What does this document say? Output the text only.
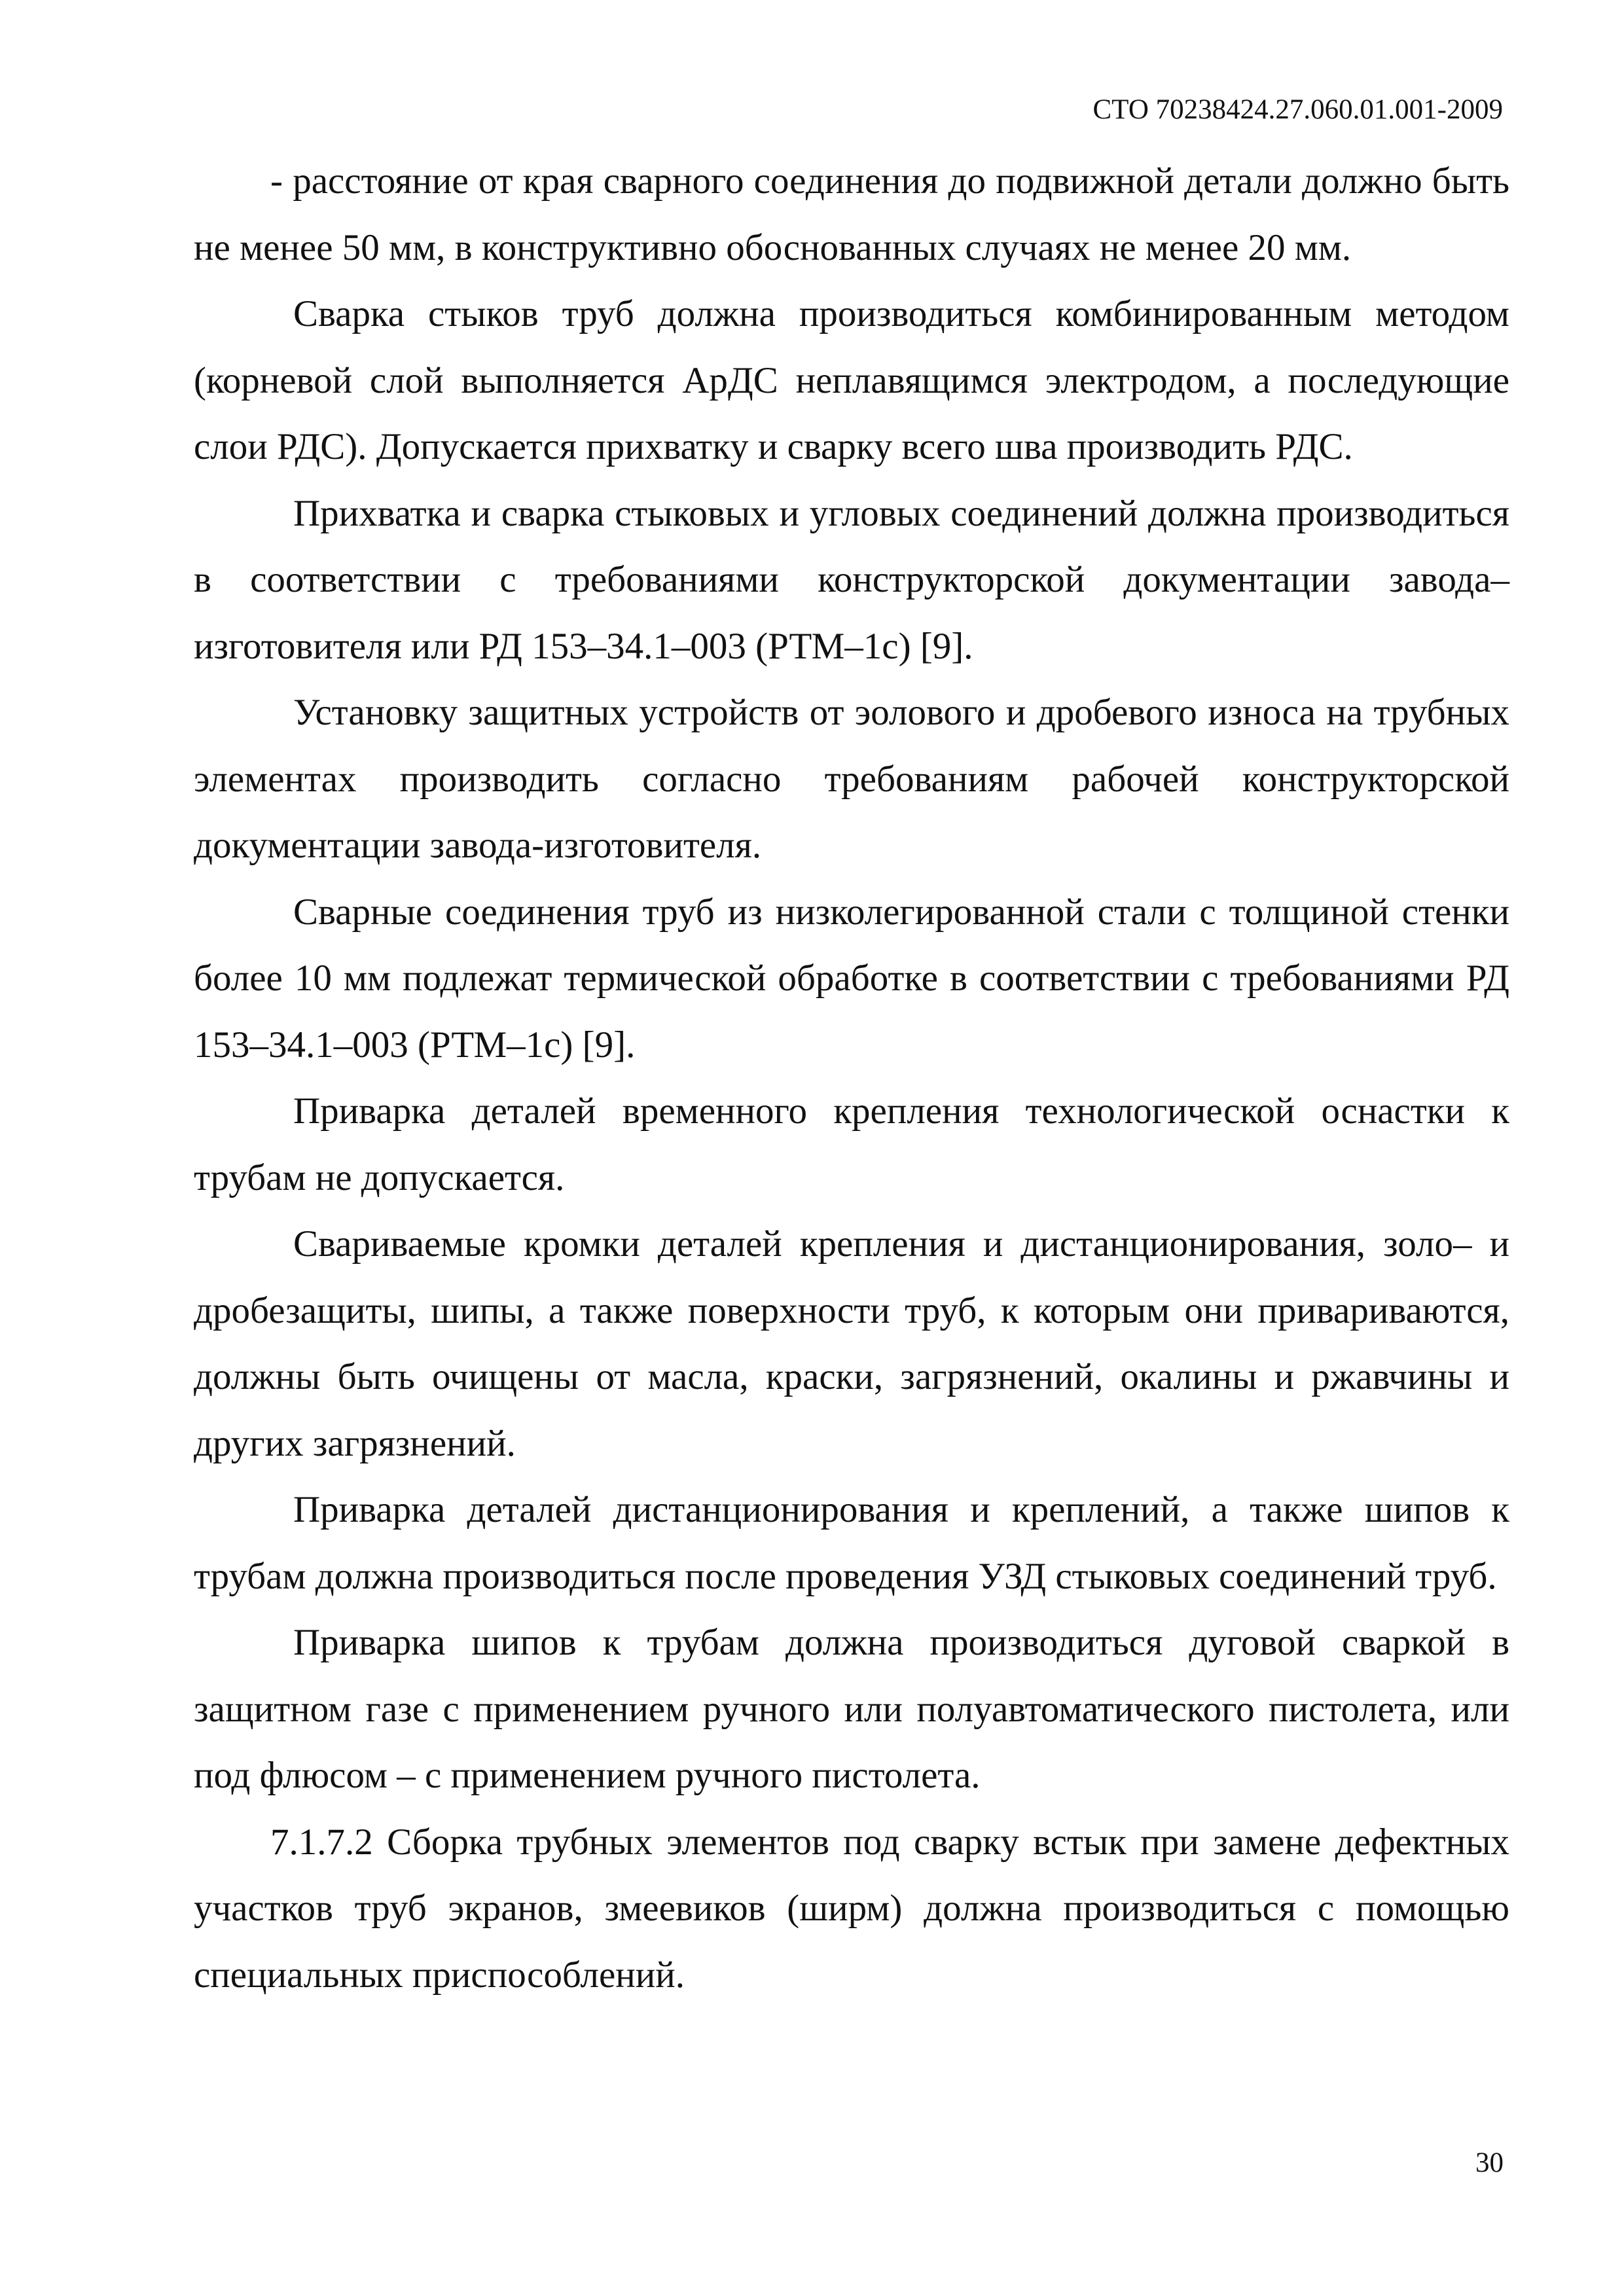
СТО 70238424.27.060.01.001-2009

- расстояние от края сварного соединения до подвижной детали должно быть не менее 50 мм, в конструктивно обоснованных случаях не менее 20 мм.

Сварка стыков труб должна производиться комбинированным методом (корневой слой выполняется АрДС неплавящимся электродом, а последующие слои РДС). Допускается прихватку и сварку всего шва производить РДС.

Прихватка и сварка стыковых и угловых соединений должна производиться в соответствии с требованиями конструкторской документации завода–изготовителя или РД 153–34.1–003 (РТМ–1с) [9].

Установку защитных устройств от эолового и дробевого износа на трубных элементах производить согласно требованиям рабочей конструкторской документации завода-изготовителя.

Сварные соединения труб из низколегированной стали с толщиной стенки более 10 мм подлежат термической обработке в соответствии с требованиями РД 153–34.1–003 (РТМ–1с) [9].

Приварка деталей временного крепления технологической оснастки к трубам не допускается.

Свариваемые кромки деталей крепления и дистанционирования, золо– и дробезащиты, шипы, а также поверхности труб, к которым они привариваются, должны быть очищены от масла, краски, загрязнений, окалины и ржавчины и других загрязнений.

Приварка деталей дистанционирования и креплений, а также шипов к трубам должна производиться после проведения УЗД стыковых соединений труб.

Приварка шипов к трубам должна производиться дуговой сваркой в защитном газе с применением ручного или полуавтоматического пистолета, или под флюсом – с применением ручного пистолета.

7.1.7.2 Сборка трубных элементов под сварку встык при замене дефектных участков труб экранов, змеевиков (ширм) должна производиться с помощью специальных приспособлений.

30
